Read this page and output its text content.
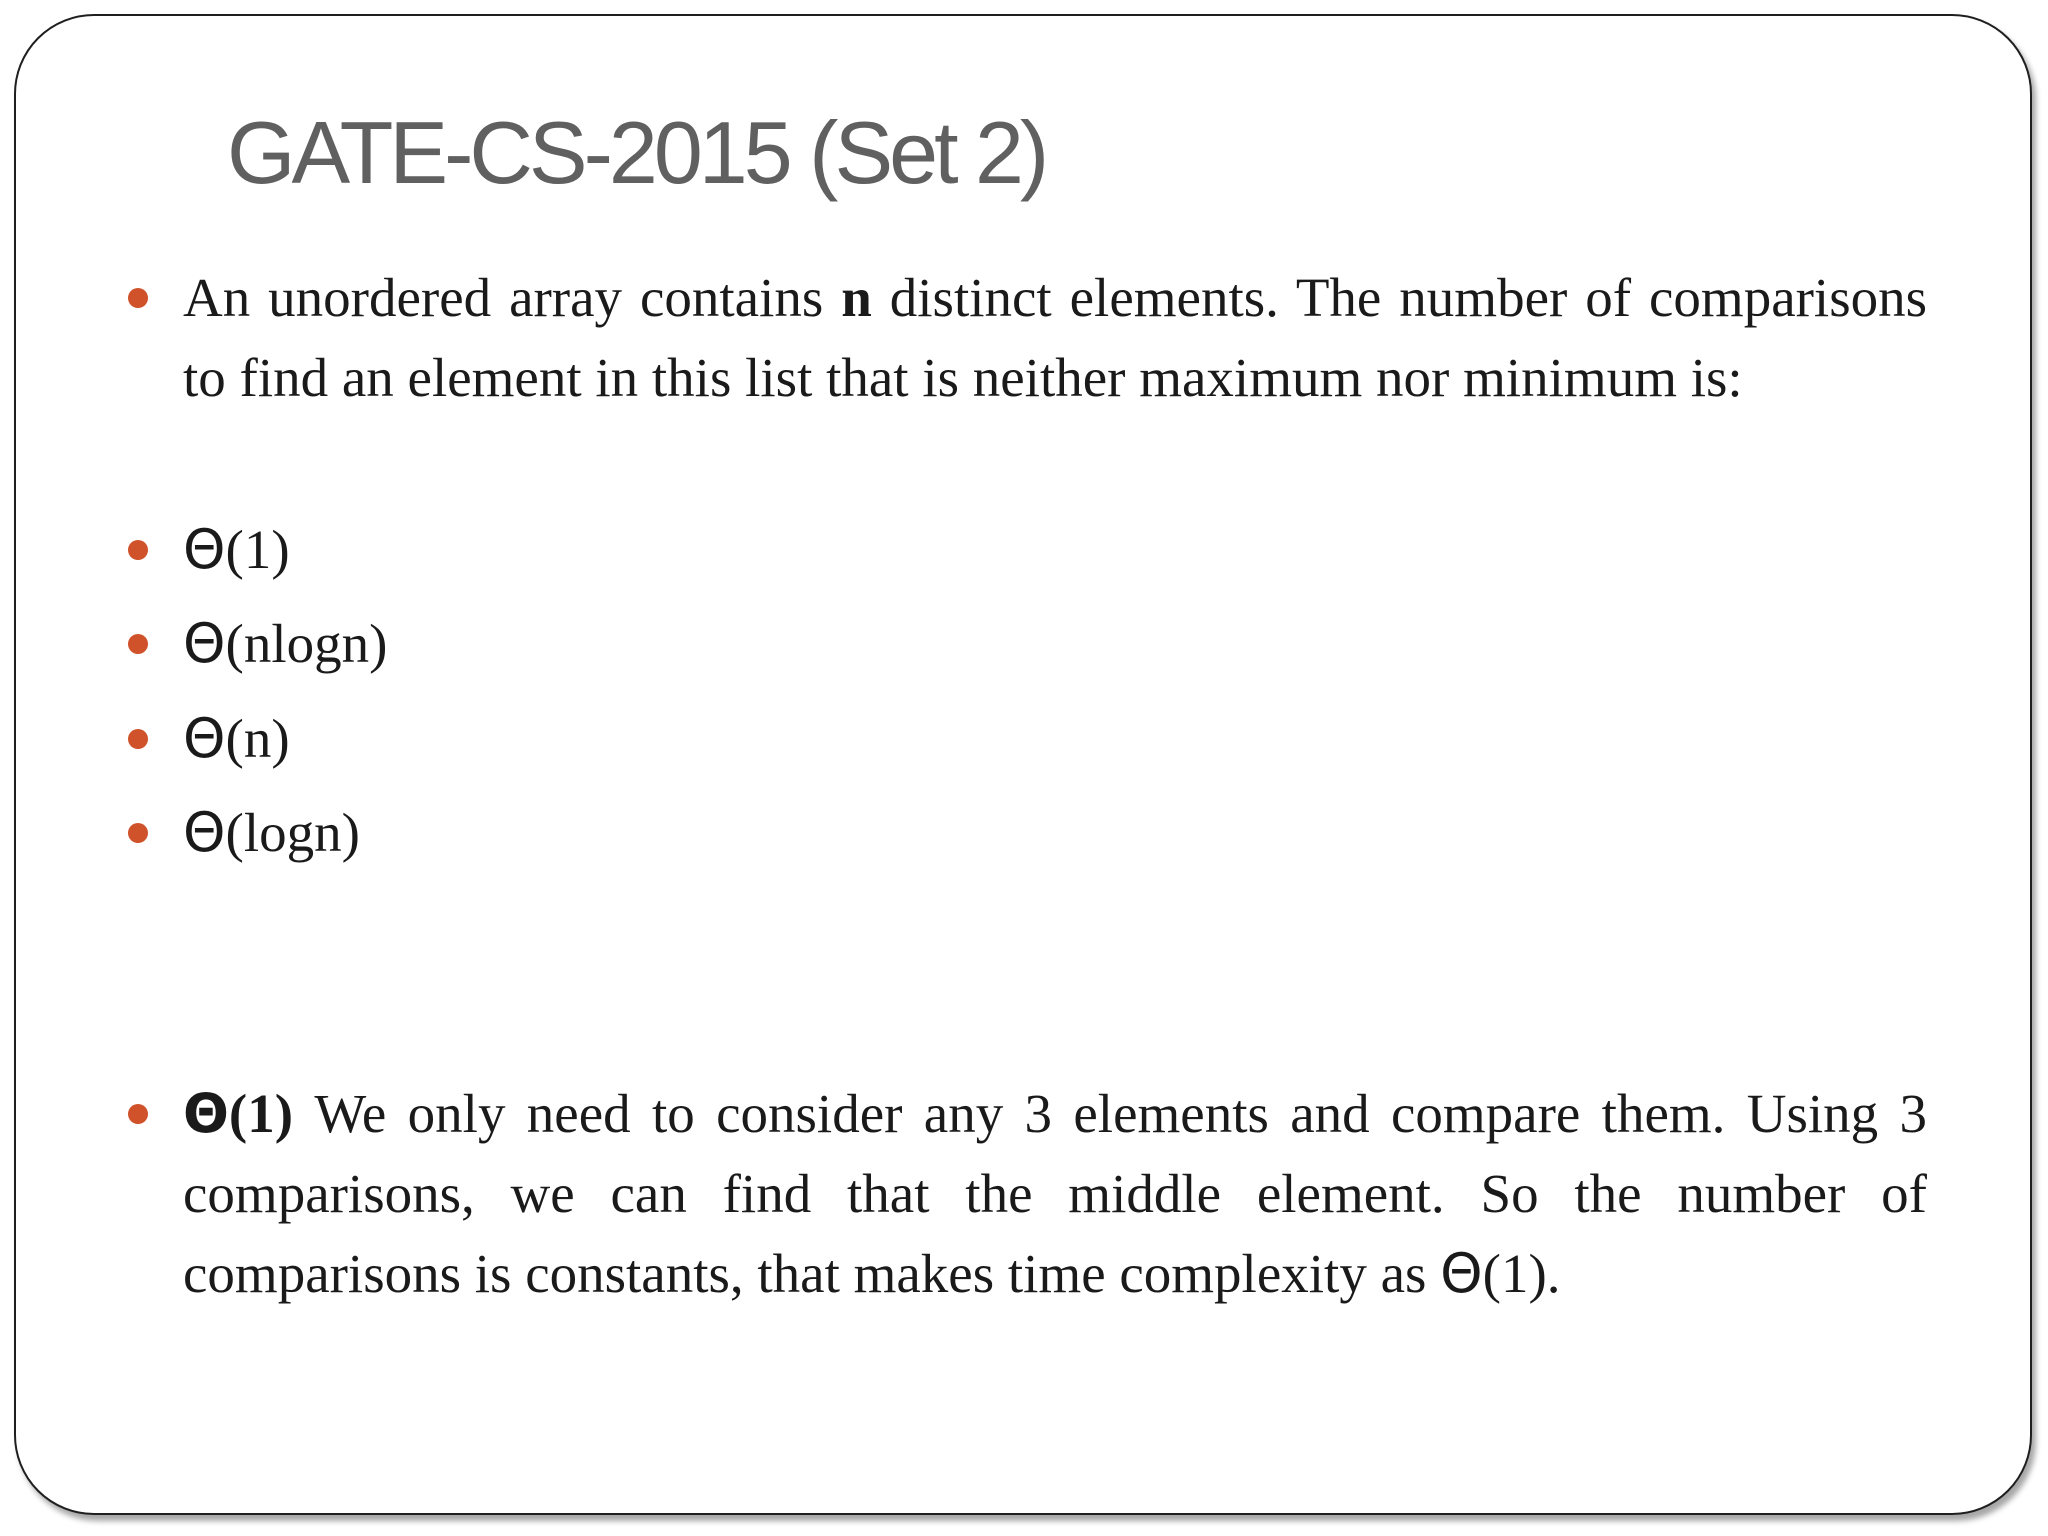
GATE-CS-2015 (Set 2)
An unordered array contains n distinct elements. The number of comparisons to find an element in this list that is neither maximum nor minimum is:
Θ(1)
Θ(nlogn)
Θ(n)
Θ(logn)
Θ(1) We only need to consider any 3 elements and compare them. Using 3 comparisons, we can find that the middle element. So the number of comparisons is constants, that makes time complexity as Θ(1).
